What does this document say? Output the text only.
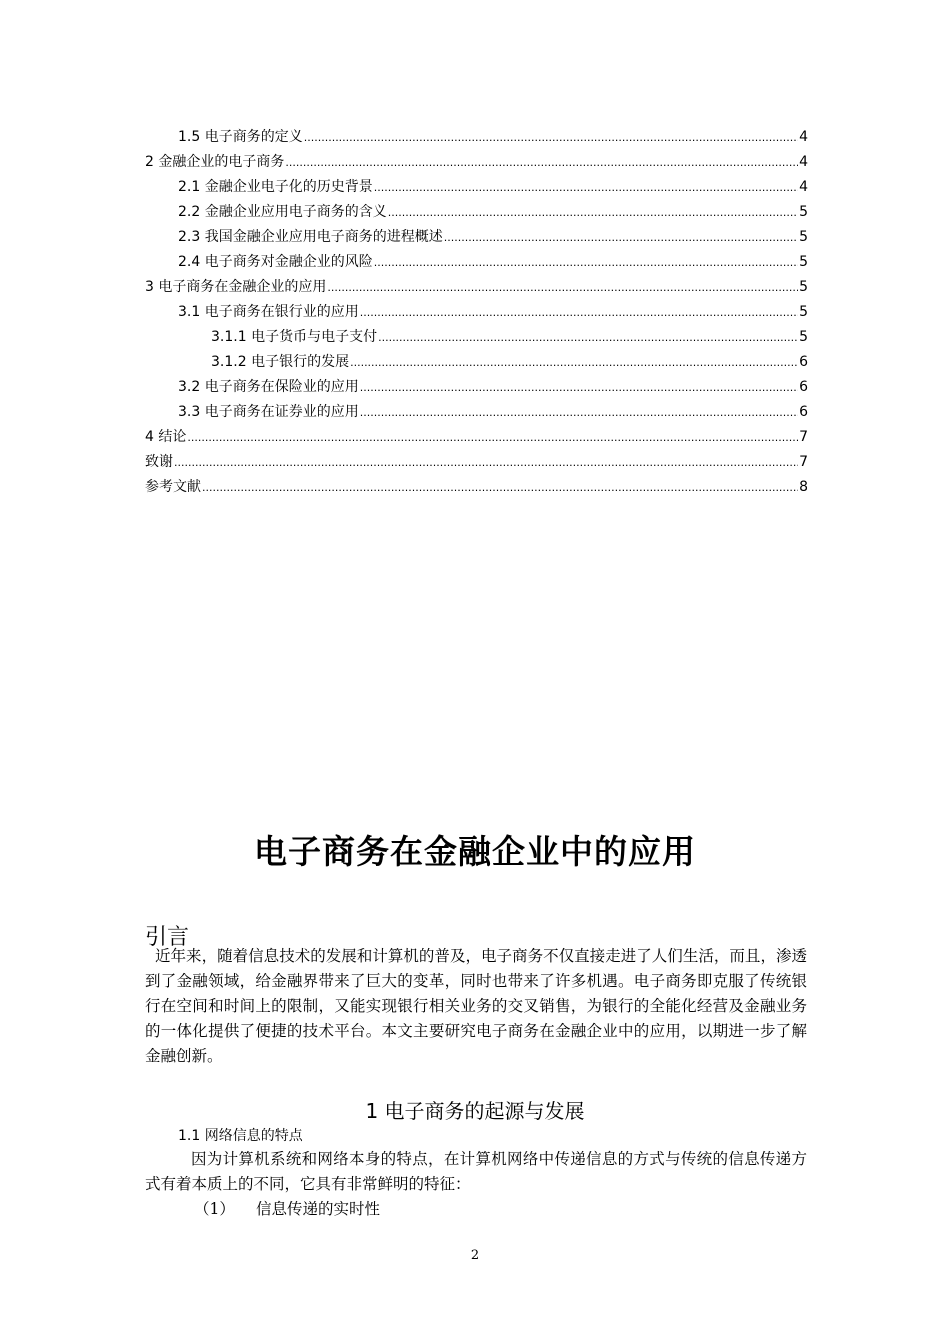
1.5 电子商务的定义 .....	4
2 金融企业的电子商务 .....	4
2.1 金融企业电子化的历史背景 .....	4
2.2 金融企业应用电子商务的含义 .....	5
2.3 我国金融企业应用电子商务的进程概述 .....	5
2.4 电子商务对金融企业的风险 .....	5
3 电子商务在金融企业的应用 .....	5
3.1 电子商务在银行业的应用 .....	5
3.1.1 电子货币与电子支付 .....	5
3.1.2 电子银行的发展 .....	6
3.2 电子商务在保险业的应用 .....	6
3.3 电子商务在证券业的应用 .....	6
4 结论 .....	7
致谢 .....	7
参考文献 .....	8
电子商务在金融企业中的应用
引言
近年来，随着信息技术的发展和计算机的普及，电子商务不仅直接走进了人们生活，而且，渗透到了金融领域，给金融界带来了巨大的变革，同时也带来了许多机遇。电子商务即克服了传统银行在空间和时间上的限制，又能实现银行相关业务的交叉销售，为银行的全能化经营及金融业务的一体化提供了便捷的技术平台。本文主要研究电子商务在金融企业中的应用，以期进一步了解金融创新。
1 电子商务的起源与发展
1.1 网络信息的特点
因为计算机系统和网络本身的特点，在计算机网络中传递信息的方式与传统的信息传递方式有着本质上的不同，它具有非常鲜明的特征：
（1） 信息传递的实时性
2
